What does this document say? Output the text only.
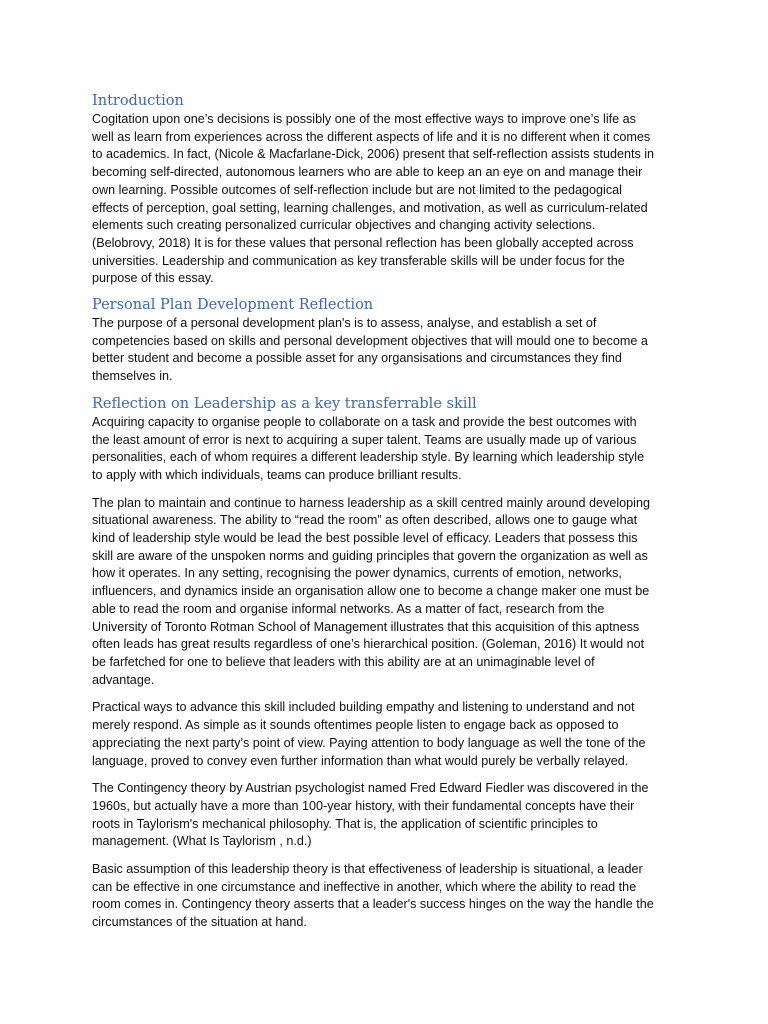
Introduction
Cogitation upon one’s decisions is possibly one of the most effective ways to improve one’s life as
well as learn from experiences across the different aspects of life and it is no different when it comes
to academics. In fact, (Nicole & Macfarlane-Dick, 2006) present that self-reflection assists students in
becoming self-directed, autonomous learners who are able to keep an an eye on and manage their
own learning. Possible outcomes of self-reflection include but are not limited to the pedagogical
effects of perception, goal setting, learning challenges, and motivation, as well as curriculum-related
elements such creating personalized curricular objectives and changing activity selections.
(Belobrovy, 2018) It is for these values that personal reflection has been globally accepted across
universities. Leadership and communication as key transferable skills will be under focus for the
purpose of this essay.
Personal Plan Development Reflection
The purpose of a personal development plan's is to assess, analyse, and establish a set of
competencies based on skills and personal development objectives that will mould one to become a
better student and become a possible asset for any organsisations and circumstances they find
themselves in.
Reflection on Leadership as a key transferrable skill
Acquiring capacity to organise people to collaborate on a task and provide the best outcomes with
the least amount of error is next to acquiring a super talent. Teams are usually made up of various
personalities, each of whom requires a different leadership style. By learning which leadership style
to apply with which individuals, teams can produce brilliant results.
The plan to maintain and continue to harness leadership as a skill centred mainly around developing
situational awareness. The ability to “read the room” as often described, allows one to gauge what
kind of leadership style would be lead the best possible level of efficacy. Leaders that possess this
skill are aware of the unspoken norms and guiding principles that govern the organization as well as
how it operates. In any setting, recognising the power dynamics, currents of emotion, networks,
influencers, and dynamics inside an organisation allow one to become a change maker one must be
able to read the room and organise informal networks. As a matter of fact, research from the
University of Toronto Rotman School of Management illustrates that this acquisition of this aptness
often leads has great results regardless of one’s hierarchical position. (Goleman, 2016) It would not
be farfetched for one to believe that leaders with this ability are at an unimaginable level of
advantage.
Practical ways to advance this skill included building empathy and listening to understand and not
merely respond. As simple as it sounds oftentimes people listen to engage back as opposed to
appreciating the next party’s point of view. Paying attention to body language as well the tone of the
language, proved to convey even further information than what would purely be verbally relayed.
The Contingency theory by Austrian psychologist named Fred Edward Fiedler was discovered in the
1960s, but actually have a more than 100-year history, with their fundamental concepts have their
roots in Taylorism's mechanical philosophy. That is, the application of scientific principles to
management. (What Is Taylorism , n.d.)
Basic assumption of this leadership theory is that effectiveness of leadership is situational, a leader
can be effective in one circumstance and ineffective in another, which where the ability to read the
room comes in. Contingency theory asserts that a leader's success hinges on the way the handle the
circumstances of the situation at hand.
